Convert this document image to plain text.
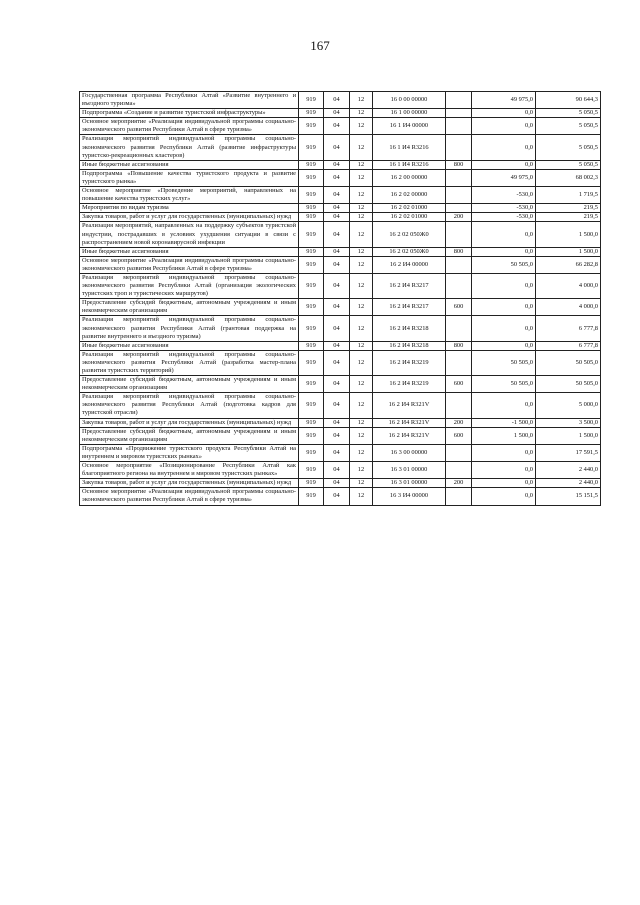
167
Государственная программа Республики Алтай «Развитие внутреннего и въездного туризма»	919	04	12	16 0 00 00000		49 975,0	90 644,3
Подпрограмма «Создание и развитие туристской инфраструктуры»	919	04	12	16 1 00 00000		0,0	5 050,5
Основное мероприятие «Реализация индивидуальной программы социально-экономического развития Республики Алтай в сфере туризма»	919	04	12	16 1 И4 00000		0,0	5 050,5
Реализация мероприятий индивидуальной программы социально-экономического развития Республики Алтай (развитие инфраструктуры туристско-рекреационных кластеров)	919	04	12	16 1 И4 R3216		0,0	5 050,5
Иные бюджетные ассигнования	919	04	12	16 1 И4 R3216	800	0,0	5 050,5
Подпрограмма «Повышение качества туристского продукта и развитие туристского рынка»	919	04	12	16 2 00 00000		49 975,0	68 002,3
Основное мероприятие «Проведение мероприятий, направленных на повышение качества туристских услуг»	919	04	12	16 2 02 00000		-530,0	1 719,5
Мероприятия по видам туризма	919	04	12	16 2 02 01000		-530,0	219,5
Закупка товаров, работ и услуг для государственных (муниципальных) нужд	919	04	12	16 2 02 01000	200	-530,0	219,5
Реализация мероприятий, направленных на поддержку субъектов туристской индустрии, пострадавших в условиях ухудшения ситуации в связи с распространением новой коронавирусной инфекции	919	04	12	16 2 02 050Ж0		0,0	1 500,0
Иные бюджетные ассигнования	919	04	12	16 2 02 050Ж0	800	0,0	1 500,0
Основное мероприятие «Реализация индивидуальной программы социально-экономического развития Республики Алтай в сфере туризма»	919	04	12	16 2 И4 00000		50 505,0	66 282,8
Реализация мероприятий индивидуальной программы социально-экономического развития Республики Алтай (организация экологических туристских троп и туристических маршрутов)	919	04	12	16 2 И4 R3217		0,0	4 000,0
Предоставление субсидий бюджетным, автономным учреждениям и иным некоммерческим организациям	919	04	12	16 2 И4 R3217	600	0,0	4 000,0
Реализация мероприятий индивидуальной программы социально-экономического развития Республики Алтай (грантовая поддержка на развитие внутреннего и въездного туризма)	919	04	12	16 2 И4 R3218		0,0	6 777,8
Иные бюджетные ассигнования	919	04	12	16 2 И4 R3218	800	0,0	6 777,8
Реализация мероприятий индивидуальной программы социально-экономического развития Республики Алтай (разработка мастер-плана развития туристских территорий)	919	04	12	16 2 И4 R3219		50 505,0	50 505,0
Предоставление субсидий бюджетным, автономным учреждениям и иным некоммерческим организациям	919	04	12	16 2 И4 R3219	600	50 505,0	50 505,0
Реализация мероприятий индивидуальной программы социально-экономического развития Республики Алтай (подготовка кадров для туристской отрасли)	919	04	12	16 2 И4 R321V		0,0	5 000,0
Закупка товаров, работ и услуг для государственных (муниципальных) нужд	919	04	12	16 2 И4 R321V	200	-1 500,0	3 500,0
Предоставление субсидий бюджетным, автономным учреждениям и иным некоммерческим организациям	919	04	12	16 2 И4 R321V	600	1 500,0	1 500,0
Подпрограмма «Продвижение туристского продукта Республики Алтай на внутреннем и мировом туристских рынках»	919	04	12	16 3 00 00000		0,0	17 591,5
Основное мероприятие «Позиционирование Республики Алтай как благоприятного региона на внутреннем и мировом туристских рынках»	919	04	12	16 3 01 00000		0,0	2 440,0
Закупка товаров, работ и услуг для государственных (муниципальных) нужд	919	04	12	16 3 01 00000	200	0,0	2 440,0
Основное мероприятие «Реализация индивидуальной программы социально-экономического развития Республики Алтай в сфере туризма»	919	04	12	16 3 И4 00000		0,0	15 151,5
